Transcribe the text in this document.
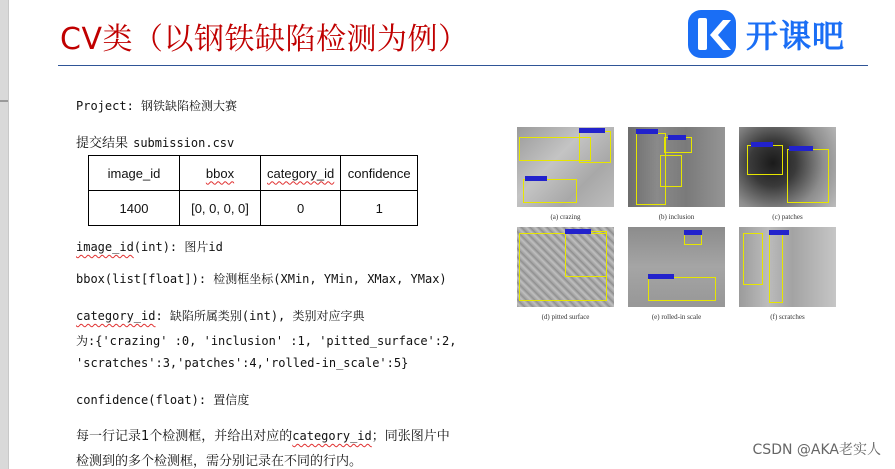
CV类（以钢铁缺陷检测为例）	开课吧
Project: 钢铁缺陷检测大赛
提交结果 submission.csv
image_id	bbox	category_id	confidence
1400	[0, 0, 0, 0]	0	1
image_id(int): 图片id
bbox(list[float]): 检测框坐标(XMin, YMin, XMax, YMax)
category_id: 缺陷所属类别(int), 类别对应字典
为:{'crazing' :0, 'inclusion' :1, 'pitted_surface':2,
'scratches':3,'patches':4,'rolled-in_scale':5}
confidence(float): 置信度
每一行记录1个检测框，并给出对应的category_id；同张图片中
检测到的多个检测框，需分别记录在不同的行内。
(a) crazing	(b) inclusion	(c) patches
(d) pitted surface	(e) rolled-in scale	(f) scratches
CSDN @AKA老实人
